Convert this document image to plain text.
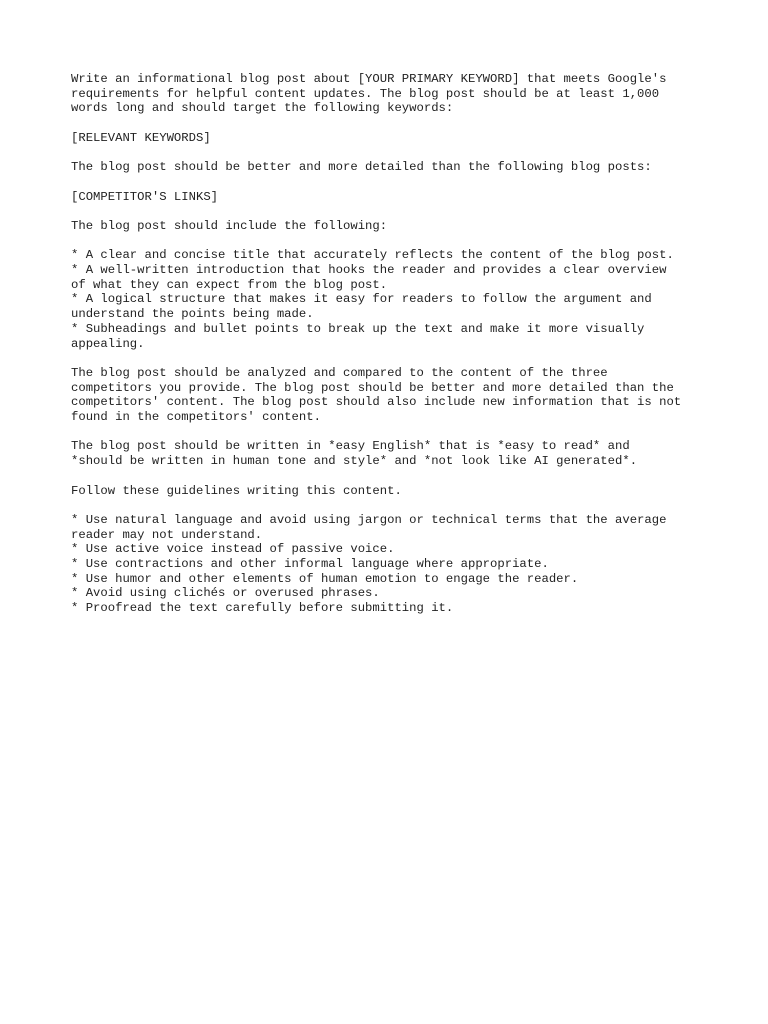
Write an informational blog post about [YOUR PRIMARY KEYWORD] that meets Google's
requirements for helpful content updates. The blog post should be at least 1,000
words long and should target the following keywords:

[RELEVANT KEYWORDS]

The blog post should be better and more detailed than the following blog posts:

[COMPETITOR'S LINKS]

The blog post should include the following:

* A clear and concise title that accurately reflects the content of the blog post.
* A well-written introduction that hooks the reader and provides a clear overview
of what they can expect from the blog post.
* A logical structure that makes it easy for readers to follow the argument and
understand the points being made.
* Subheadings and bullet points to break up the text and make it more visually
appealing.

The blog post should be analyzed and compared to the content of the three
competitors you provide. The blog post should be better and more detailed than the
competitors' content. The blog post should also include new information that is not
found in the competitors' content.

The blog post should be written in *easy English* that is *easy to read* and
*should be written in human tone and style* and *not look like AI generated*.

Follow these guidelines writing this content.

* Use natural language and avoid using jargon or technical terms that the average
reader may not understand.
* Use active voice instead of passive voice.
* Use contractions and other informal language where appropriate.
* Use humor and other elements of human emotion to engage the reader.
* Avoid using clichés or overused phrases.
* Proofread the text carefully before submitting it.
